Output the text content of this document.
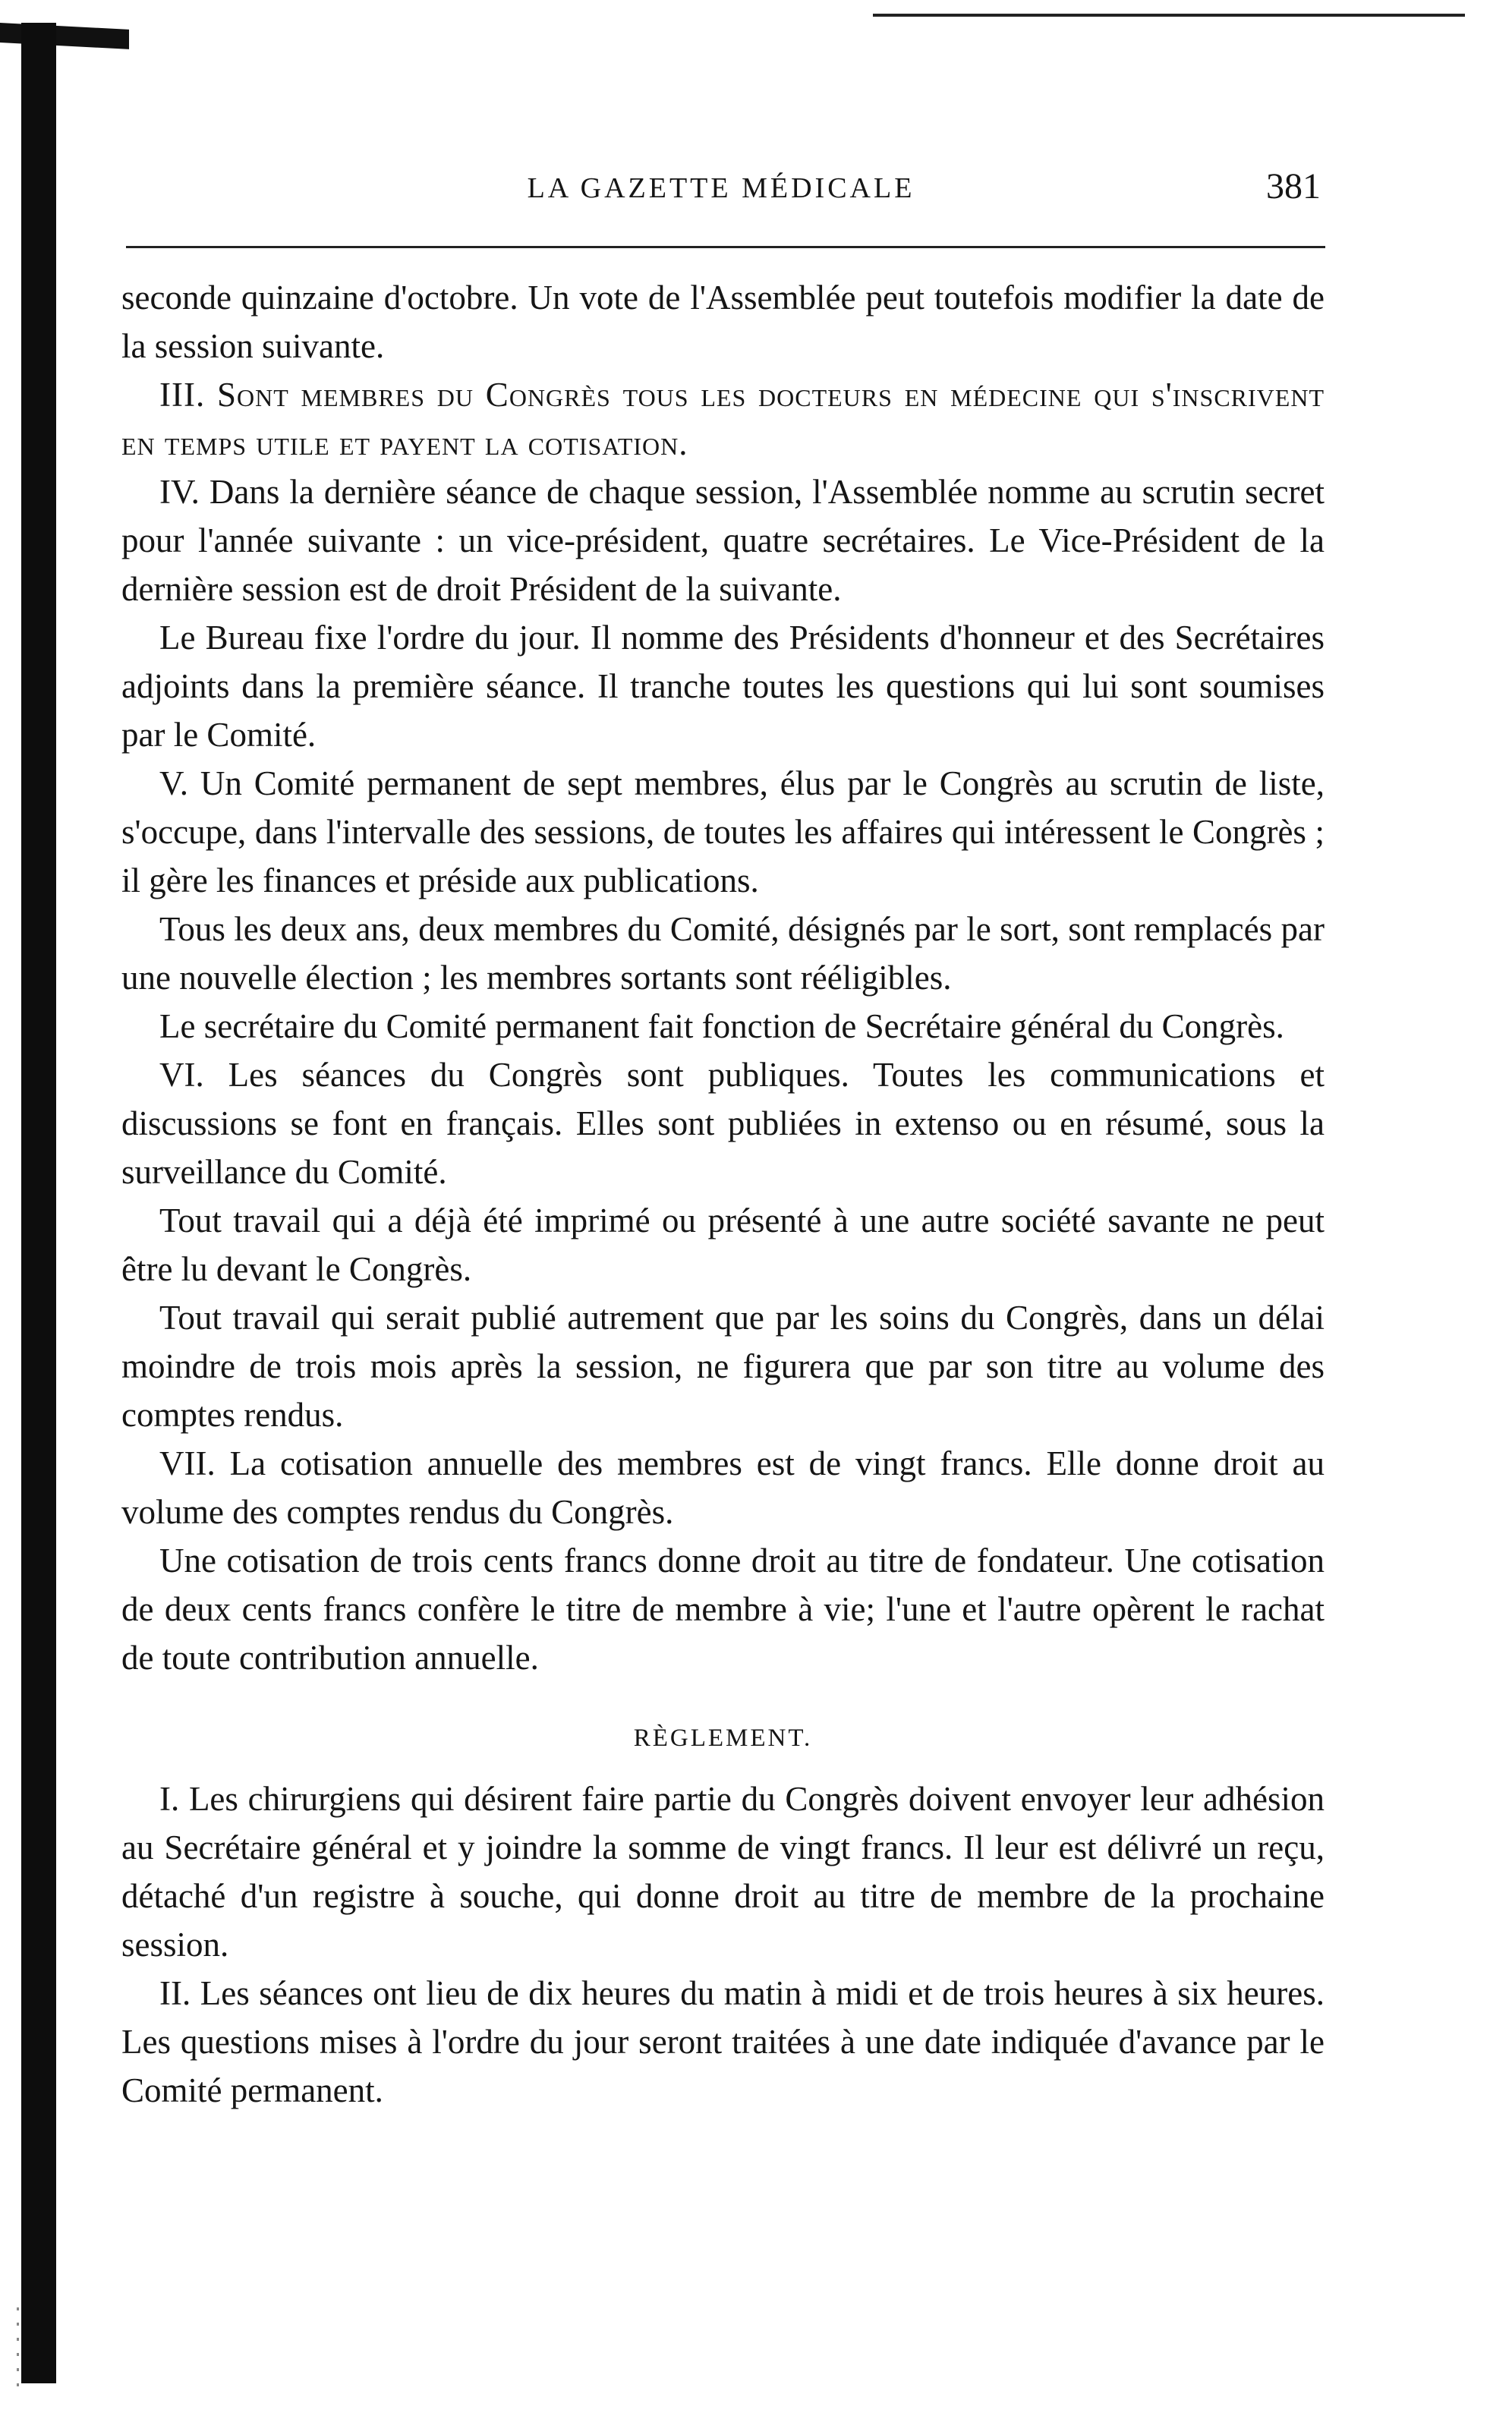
LA GAZETTE MÉDICALE	381

seconde quinzaine d'octobre. Un vote de l'Assemblée peut toutefois modifier la date de la session suivante.

III. Sont membres du Congrès tous les docteurs en médecine qui s'inscrivent en temps utile et payent la cotisation.

IV. Dans la dernière séance de chaque session, l'Assemblée nomme au scrutin secret pour l'année suivante : un vice-président, quatre secrétaires. Le Vice-Président de la dernière session est de droit Président de la suivante.

Le Bureau fixe l'ordre du jour. Il nomme des Présidents d'honneur et des Secrétaires adjoints dans la première séance. Il tranche toutes les questions qui lui sont soumises par le Comité.

V. Un Comité permanent de sept membres, élus par le Congrès au scrutin de liste, s'occupe, dans l'intervalle des sessions, de toutes les affaires qui intéressent le Congrès ; il gère les finances et préside aux publications.

Tous les deux ans, deux membres du Comité, désignés par le sort, sont remplacés par une nouvelle élection ; les membres sortants sont rééligibles.

Le secrétaire du Comité permanent fait fonction de Secrétaire général du Congrès.

VI. Les séances du Congrès sont publiques. Toutes les communications et discussions se font en français. Elles sont publiées in extenso ou en résumé, sous la surveillance du Comité.

Tout travail qui a déjà été imprimé ou présenté à une autre société savante ne peut être lu devant le Congrès.

Tout travail qui serait publié autrement que par les soins du Congrès, dans un délai moindre de trois mois après la session, ne figurera que par son titre au volume des comptes rendus.

VII. La cotisation annuelle des membres est de vingt francs. Elle donne droit au volume des comptes rendus du Congrès.

Une cotisation de trois cents francs donne droit au titre de fondateur. Une cotisation de deux cents francs confère le titre de membre à vie; l'une et l'autre opèrent le rachat de toute contribution annuelle.

RÈGLEMENT.

I. Les chirurgiens qui désirent faire partie du Congrès doivent envoyer leur adhésion au Secrétaire général et y joindre la somme de vingt francs. Il leur est délivré un reçu, détaché d'un registre à souche, qui donne droit au titre de membre de la prochaine session.

II. Les séances ont lieu de dix heures du matin à midi et de trois heures à six heures. Les questions mises à l'ordre du jour seront traitées à une date indiquée d'avance par le Comité permanent.
